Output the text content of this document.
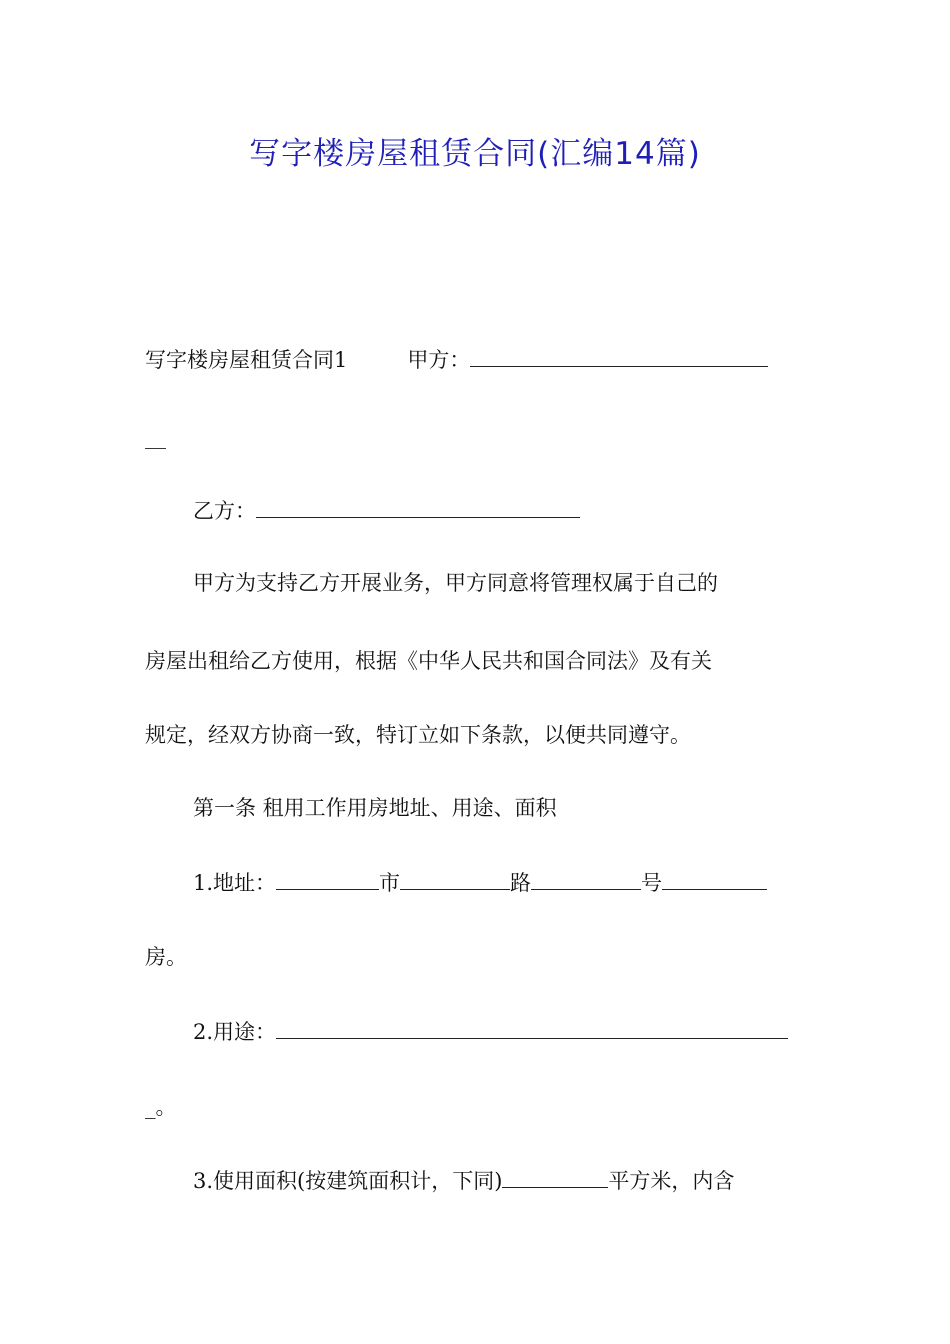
写字楼房屋租赁合同(汇编14篇)
写字楼房屋租赁合同1	甲方：
__
乙方：
甲方为支持乙方开展业务，甲方同意将管理权属于自己的
房屋出租给乙方使用，根据《中华人民共和国合同法》及有关
规定，经双方协商一致，特订立如下条款，以便共同遵守。
第一条 租用工作用房地址、用途、面积
1.地址：	市	路	号
房。
2.用途：
_。
3.使用面积(按建筑面积计，下同)	平方米，内含
